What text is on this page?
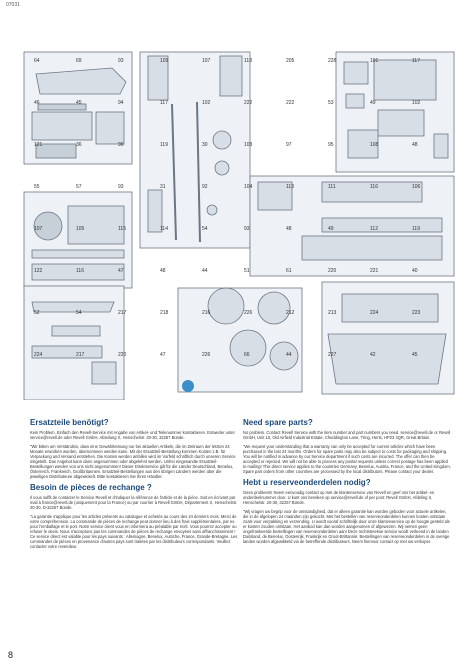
07031
64	69	93	109	107	118	205	228	101	117
46	45	94	117	102	222	222	53	49	102
121	36	96	119	30	103	97	95	108	48
55	57	93	31	92	104	113	111	116	106
107	105	115	114	54	93	48	49	112	119
122	116	47	48	44	51	61	220	221	40
52	54	217	218	216	226	212	213	224	223
224	217	220	47	226	66	44	227	42	45
Ersatzteile benötigt?
Kein Problem. Einfach den Revell-Service mit Angabe von Artikel- und Teilenummer kontaktieren. Entweder unter service@revell.de oder Revell GmbH, Abteilung X, Henschelstr. 20-30, 32257 Bünde.
"Wir bitten um Verständnis, dass eine Gewährleistung nur bei aktuellen Artikeln, die im Zeitraum der letzten 24 Monate erworben wurden, übernommen werden kann. Mit der Ersatzteil-Bestellung kommen Kosten z.B. für Verpackung und Versand entstehen. Die Kosten werden anfallen wird im Vorfeld schriftlich durch unseren Service mitgeteilt. Das Angebot kann dann angenommen oder abgelehnt werden. Unfrei eingesandte Ersatzteil-Bestellungen werden von uns nicht angenommen! Dieser Direktservice gilt für die Länder Deutschland, Benelux, Österreich, Frankreich, Großbritannien. Ersatzteil-Bestellungen aus den übrigen Ländern werden über die jeweiligen Distributeure abgewickelt. Bitte kontaktieren Sie Ihren Händler.
Besoin de pièces de rechange ?
Il vous suffit de contacter le Service Revell et d'indiquer la référence de l'article et de la pièce. Soit en écrivant par mail à france@revell.de (uniquement pour la France) ou par courrier à Revell GmbH, Département X, Henschelstr. 20-30, D-32257 Bünde.
"La garantie s'applique pour les articles présents au catalogue et achetés au cours des 24 derniers mois. Merci de votre compréhension. La commande de pièces de rechange peut donner lieu à des frais supplémentaires, par ex. pour l'emballage et le port. Notre service client vous en informera au préalable par écrit. Vous pourrez accepter ou refuser le devis. Nous n'acceptons pas les commandes de pièces de rechange envoyées sans affranchissement ! Ce service direct est valable pour les pays suivants : Allemagne, Benelux, Autriche, France, Grande-Bretagne. Les commandes de pièces en provenance d'autres pays sont traitées par les distributeurs correspondants. Veuillez contacter votre revendeur.
Need spare parts?
No problem. Contact Revell Service with the item number and part numbers you need. service@revell.de or Revell GmbH, Unit 10, Old Airfield Industrial Estate, Cheddington Lane, Tring, Herts, HP23 4QR, Great Britain.
"We request your understanding that a warranty can only be accepted for current articles which have been purchased in the last 24 months. Orders for spare parts may also be subject to costs for packaging and shipping. You will be notified in advance by our Service department if such costs are incurred. The offer can then be accepted or rejected. We will not be able to process any postal requests unless correct postage has been applied to mailing! This direct service applies to the countries Germany, Benelux, Austria, France, and the United Kingdom. Spare part orders from other countries are processed by the local distributors. Please contact your dealer.
Hebt u reserveonderdelen nodig?
Geen probleem! Neem eenvoudig contact op met de klantenservice van Revell en geef ons het artikel- en onderdeelnummer door. U kunt ons bereiken op service@revell.de of per post: Revell GmbH, Afdeling X, Henschelstr. 20-30, 32257 Bünde.
"Wij vragen uw begrip voor de omstandigheid, dat er alleen garantie kan worden geboden voor actuele artikelen, die in de afgelopen 24 maanden zijn gekocht. Met het bestellen van reserveonderdelen kunnen kosten ontstaan zoals voor verpakking en verzending. U wordt vooraf schriftelijk door onze klantenservice op de hoogte gesteld als er kosten zouden ontstaan. Het aanbod kan dan worden aangenomen of afgewezen. Wij nemen geen ongefrankeerde bestellingen van reserveonderdelen aan! Deze rechtstreekse service wordt verleend in de landen Duitsland, de Benelux, Oostenrijk, Frankrijk en Groot-Brittannië. Bestellingen van reserveonderdelen in de overige landen worden afgewikkeld via de betreffende distributeurs. Neem hiervoor contact op met uw verkoper.
8
